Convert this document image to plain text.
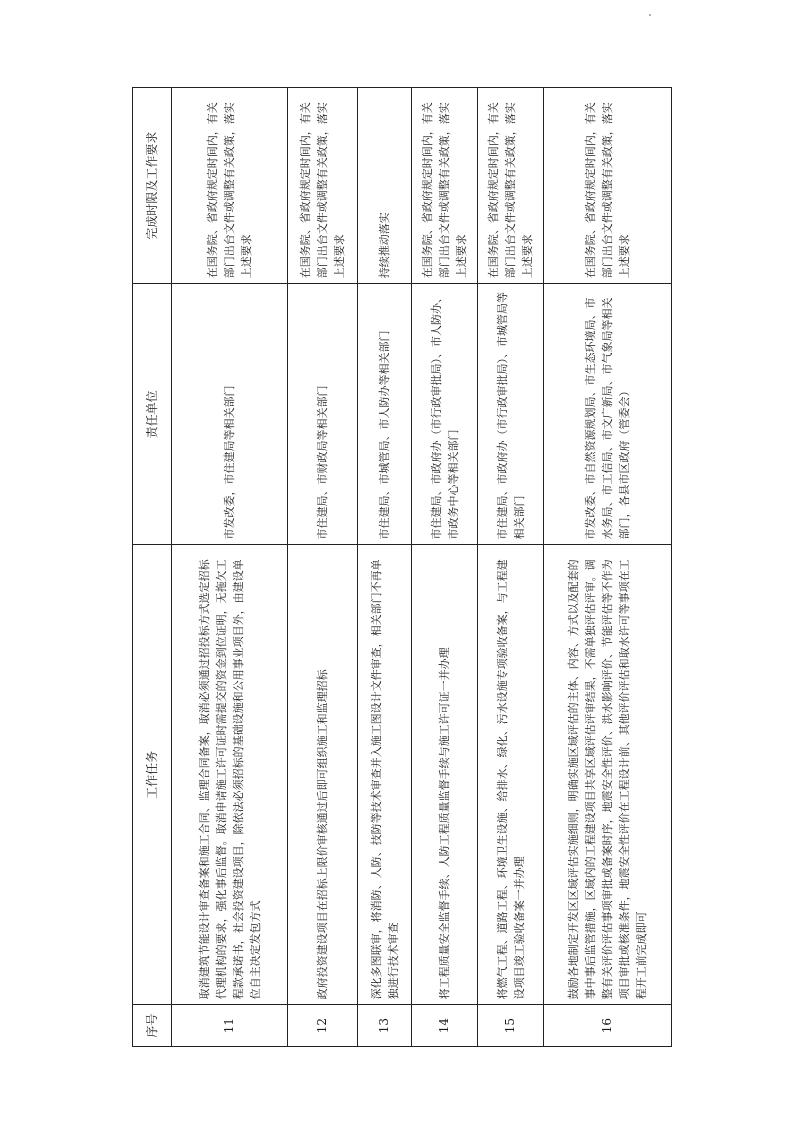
序号	工作任务	责任单位	完成时限及工作要求
11	取消建筑节能设计审查备案和施工合同、监理合同备案，取消必须通过招投标方式选定招标代理机构的要求，强化事后监督。取消申请施工许可证时需提交的资金到位证明，无拖欠工程款承诺书，社会投资建设项目，除依法必须招标的基础设施和公用事业项目外，由建设单位自主决定发包方式	市发改委，市住建局等相关部门	在国务院、省政府规定时间内，有关部门出台文件或调整有关政策，落实上述要求
12	政府投资建设项目在招标上限价审核通过后即可组织施工和监理招标	市住建局、市财政局等相关部门	在国务院、省政府规定时间内，有关部门出台文件或调整有关政策，落实上述要求
13	深化多图联审，将消防、人防、技防等技术审查并入施工图设计文件审查，相关部门不再单独进行技术审查	市住建局、市城管局、市人防办等相关部门	持续推动落实
14	将工程质量安全监督手续、人防工程质量监督手续与施工许可证一并办理	市住建局、市政府办（市行政审批局）、市人防办、市政务中心等相关部门	在国务院、省政府规定时间内，有关部门出台文件或调整有关政策，落实上述要求
15	将燃气工程、道路工程、环境卫生设施、给排水、绿化、污水设施专项验收备案，与工程建设项目竣工验收备案一并办理	市住建局、市政府办（市行政审批局）、市城管局等相关部门	在国务院、省政府规定时间内，有关部门出台文件或调整有关政策，落实上述要求
16	鼓励各地制定开发区区域评估实施细则，明确实施区域评估的主体、内容、方式以及配套的事中事后监管措施，区域内的工程建设项目共享区域评估评审结果，不需单独评估评审。调整有关评价评估事项审批或备案时序，地震安全性评价、洪水影响评价、节能评估等不作为项目审批或核准条件，地震安全性评价在工程设计前、其他评价评估和取水许可等事项在工程开工前完成即可	市发改委、市自然资源规划局、市生态环境局、市水务局、市工信局、市文广新局、市气象局等相关部门，各县市区政府（管委会）	在国务院、省政府规定时间内，有关部门出台文件或调整有关政策，落实上述要求
